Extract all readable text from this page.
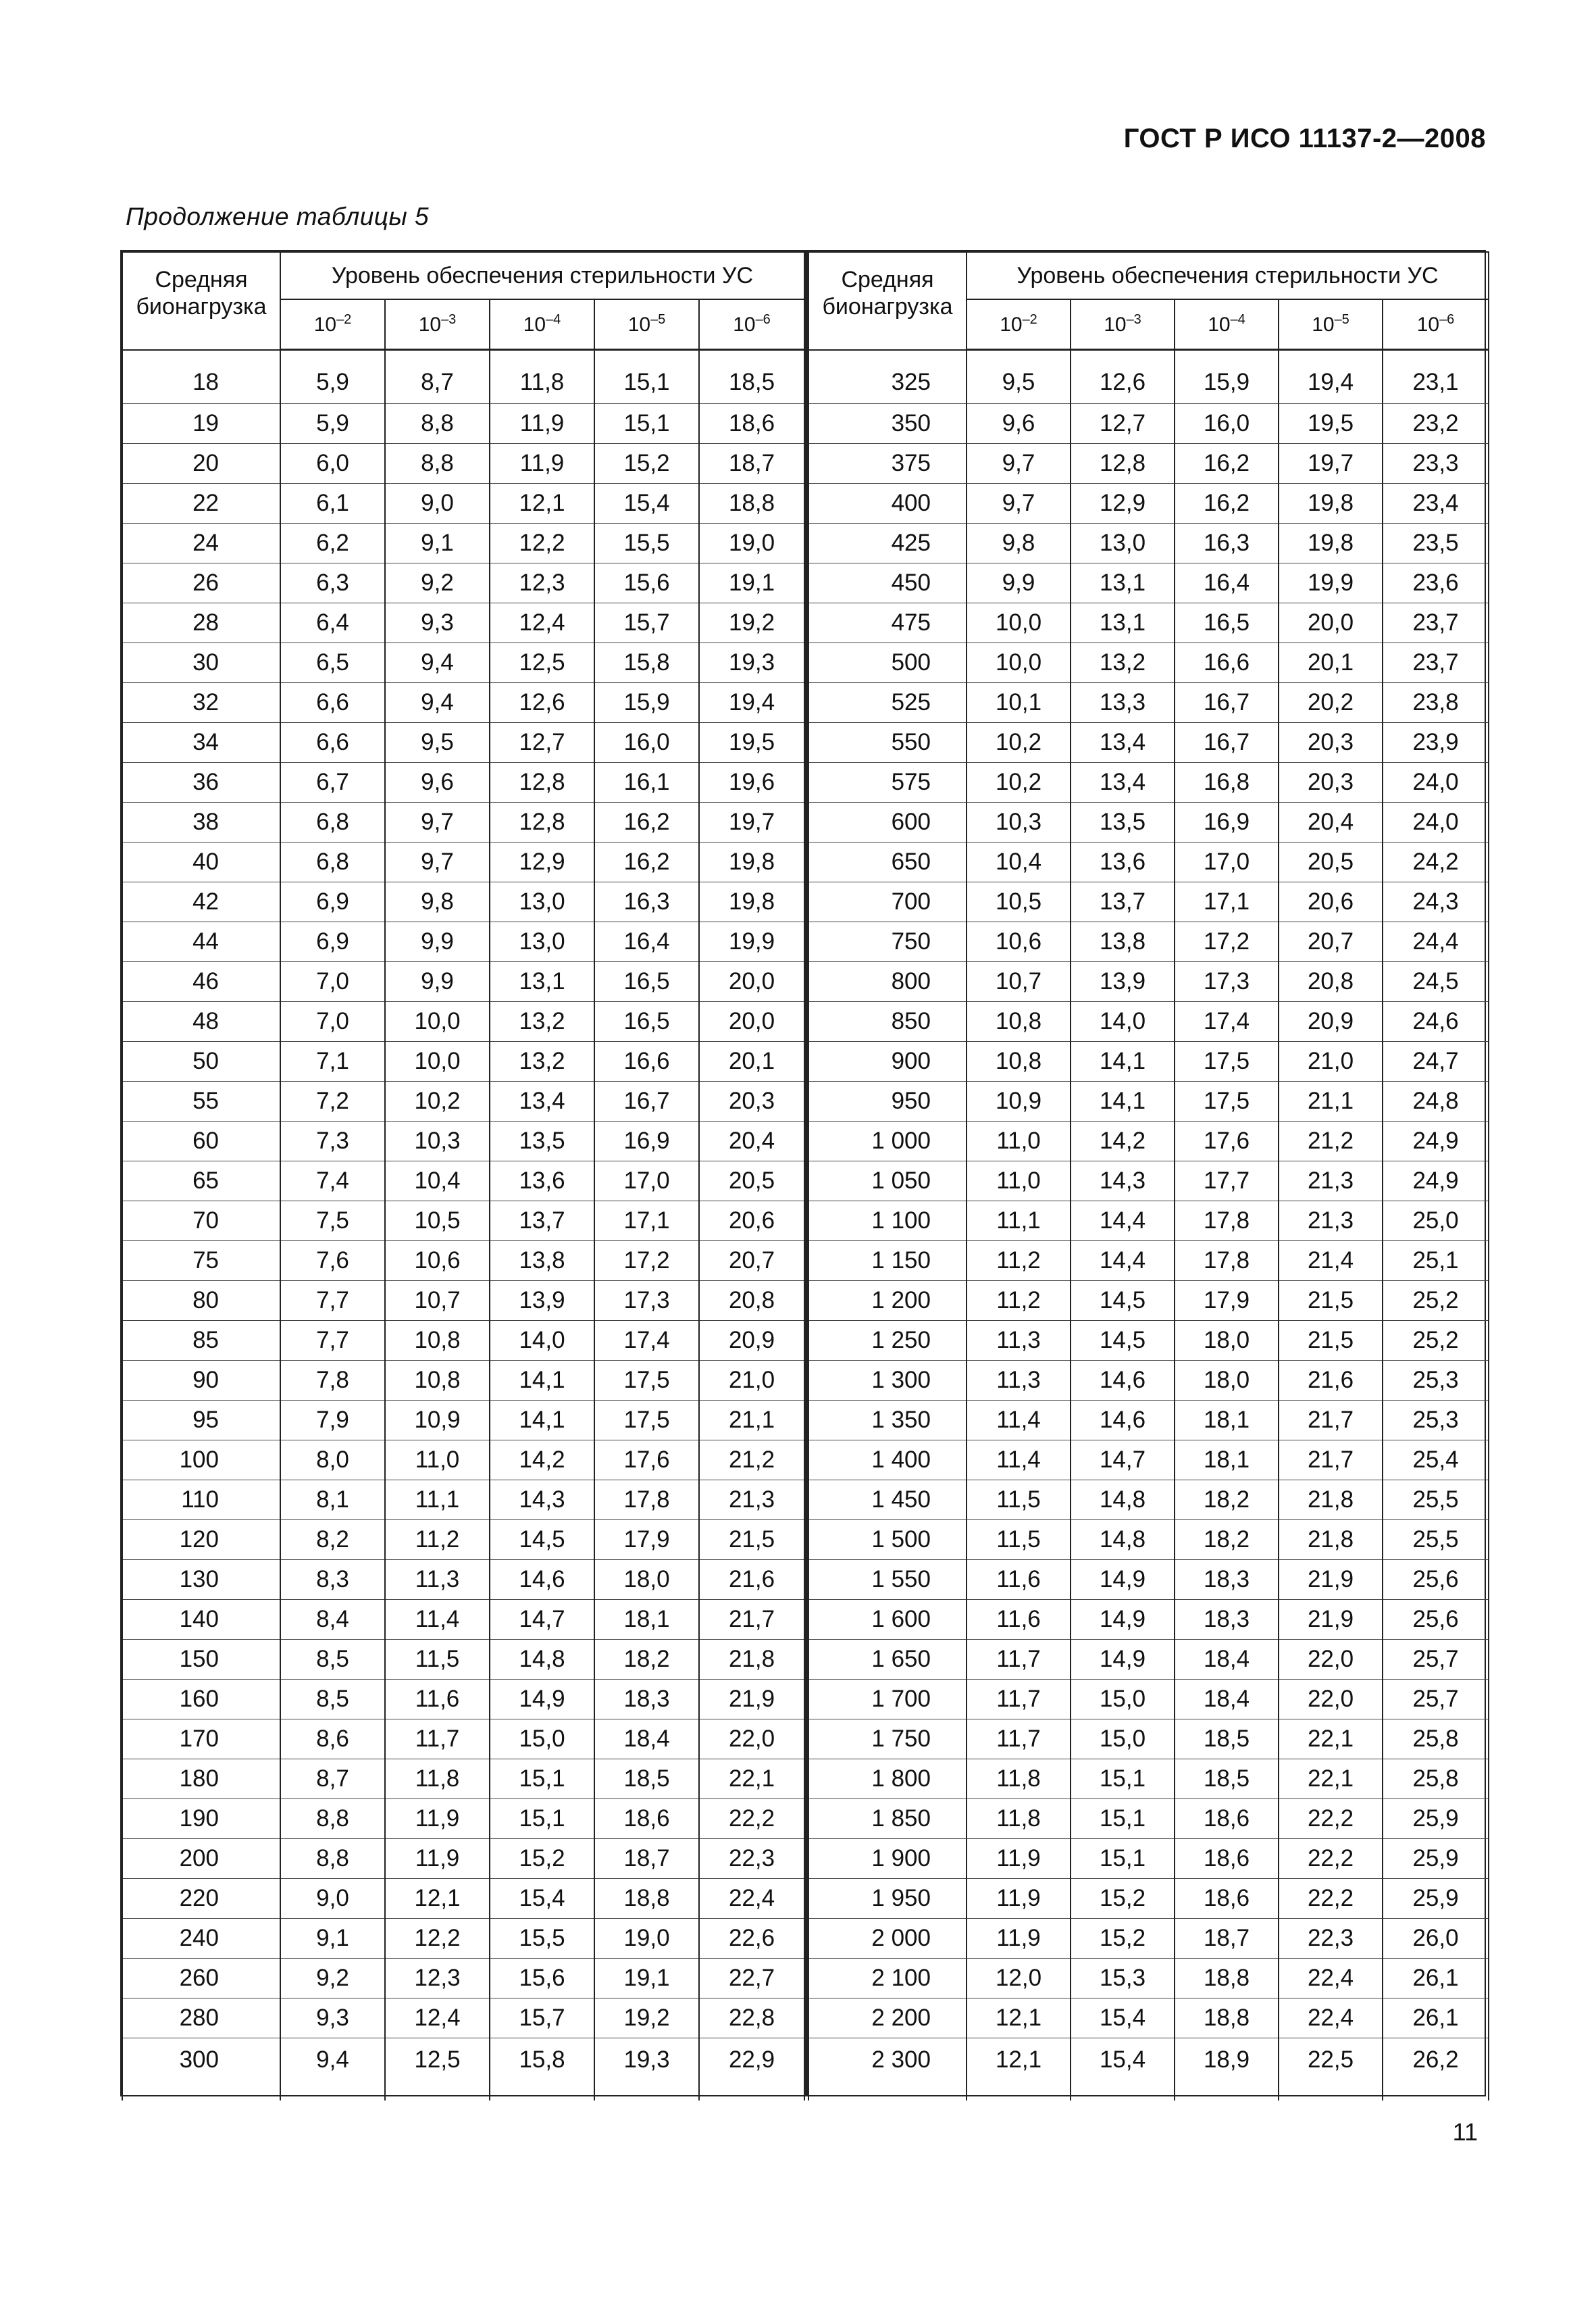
ГОСТ Р ИСО 11137-2—2008
Продолжение таблицы 5
Средняя бионагрузка	Уровень обеспечения стерильности УС				
	$10^{-2}$	$10^{-3}$	$10^{-4}$	$10^{-5}$	$10^{-6}$
18	5,9	8,7	11,8	15,1	18,5
19	5,9	8,8	11,9	15,1	18,6
20	6,0	8,8	11,9	15,2	18,7
22	6,1	9,0	12,1	15,4	18,8
24	6,2	9,1	12,2	15,5	19,0
26	6,3	9,2	12,3	15,6	19,1
28	6,4	9,3	12,4	15,7	19,2
30	6,5	9,4	12,5	15,8	19,3
32	6,6	9,4	12,6	15,9	19,4
34	6,6	9,5	12,7	16,0	19,5
36	6,7	9,6	12,8	16,1	19,6
38	6,8	9,7	12,8	16,2	19,7
40	6,8	9,7	12,9	16,2	19,8
42	6,9	9,8	13,0	16,3	19,8
44	6,9	9,9	13,0	16,4	19,9
46	7,0	9,9	13,1	16,5	20,0
48	7,0	10,0	13,2	16,5	20,0
50	7,1	10,0	13,2	16,6	20,1
55	7,2	10,2	13,4	16,7	20,3
60	7,3	10,3	13,5	16,9	20,4
65	7,4	10,4	13,6	17,0	20,5
70	7,5	10,5	13,7	17,1	20,6
75	7,6	10,6	13,8	17,2	20,7
80	7,7	10,7	13,9	17,3	20,8
85	7,7	10,8	14,0	17,4	20,9
90	7,8	10,8	14,1	17,5	21,0
95	7,9	10,9	14,1	17,5	21,1
100	8,0	11,0	14,2	17,6	21,2
110	8,1	11,1	14,3	17,8	21,3
120	8,2	11,2	14,5	17,9	21,5
130	8,3	11,3	14,6	18,0	21,6
140	8,4	11,4	14,7	18,1	21,7
150	8,5	11,5	14,8	18,2	21,8
160	8,5	11,6	14,9	18,3	21,9
170	8,6	11,7	15,0	18,4	22,0
180	8,7	11,8	15,1	18,5	22,1
190	8,8	11,9	15,1	18,6	22,2
200	8,8	11,9	15,2	18,7	22,3
220	9,0	12,1	15,4	18,8	22,4
240	9,1	12,2	15,5	19,0	22,6
260	9,2	12,3	15,6	19,1	22,7
280	9,3	12,4	15,7	19,2	22,8
300	9,4	12,5	15,8	19,3	22,9
Средняя бионагрузка	Уровень обеспечения стерильности УС				
	$10^{-2}$	$10^{-3}$	$10^{-4}$	$10^{-5}$	$10^{-6}$
325	9,5	12,6	15,9	19,4	23,1
350	9,6	12,7	16,0	19,5	23,2
375	9,7	12,8	16,2	19,7	23,3
400	9,7	12,9	16,2	19,8	23,4
425	9,8	13,0	16,3	19,8	23,5
450	9,9	13,1	16,4	19,9	23,6
475	10,0	13,1	16,5	20,0	23,7
500	10,0	13,2	16,6	20,1	23,7
525	10,1	13,3	16,7	20,2	23,8
550	10,2	13,4	16,7	20,3	23,9
575	10,2	13,4	16,8	20,3	24,0
600	10,3	13,5	16,9	20,4	24,0
650	10,4	13,6	17,0	20,5	24,2
700	10,5	13,7	17,1	20,6	24,3
750	10,6	13,8	17,2	20,7	24,4
800	10,7	13,9	17,3	20,8	24,5
850	10,8	14,0	17,4	20,9	24,6
900	10,8	14,1	17,5	21,0	24,7
950	10,9	14,1	17,5	21,1	24,8
1 000	11,0	14,2	17,6	21,2	24,9
1 050	11,0	14,3	17,7	21,3	24,9
1 100	11,1	14,4	17,8	21,3	25,0
1 150	11,2	14,4	17,8	21,4	25,1
1 200	11,2	14,5	17,9	21,5	25,2
1 250	11,3	14,5	18,0	21,5	25,2
1 300	11,3	14,6	18,0	21,6	25,3
1 350	11,4	14,6	18,1	21,7	25,3
1 400	11,4	14,7	18,1	21,7	25,4
1 450	11,5	14,8	18,2	21,8	25,5
1 500	11,5	14,8	18,2	21,8	25,5
1 550	11,6	14,9	18,3	21,9	25,6
1 600	11,6	14,9	18,3	21,9	25,6
1 650	11,7	14,9	18,4	22,0	25,7
1 700	11,7	15,0	18,4	22,0	25,7
1 750	11,7	15,0	18,5	22,1	25,8
1 800	11,8	15,1	18,5	22,1	25,8
1 850	11,8	15,1	18,6	22,2	25,9
1 900	11,9	15,1	18,6	22,2	25,9
1 950	11,9	15,2	18,6	22,2	25,9
2 000	11,9	15,2	18,7	22,3	26,0
2 100	12,0	15,3	18,8	22,4	26,1
2 200	12,1	15,4	18,8	22,4	26,1
2 300	12,1	15,4	18,9	22,5	26,2
11
